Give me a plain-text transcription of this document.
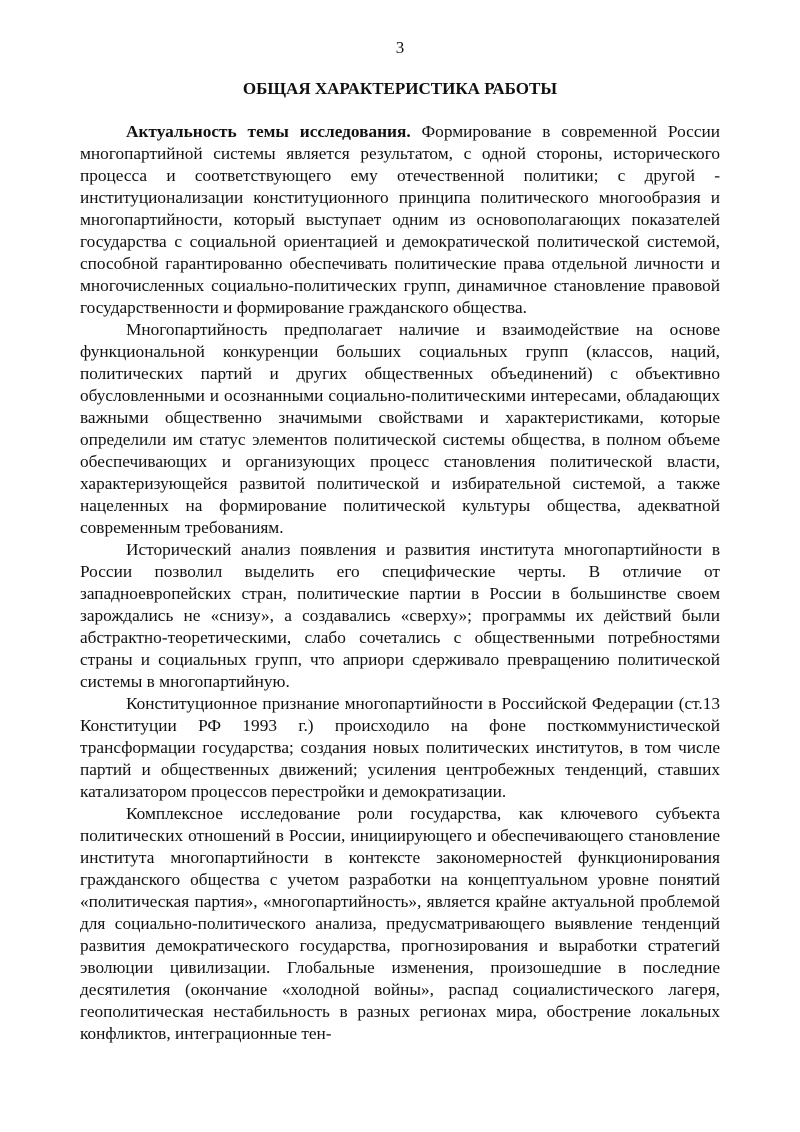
3
ОБЩАЯ ХАРАКТЕРИСТИКА РАБОТЫ

Актуальность темы исследования. Формирование в современной России многопартийной системы является результатом, с одной стороны, исторического процесса и соответствующего ему отечественной политики; с другой - институционализации конституционного принципа политического многообразия и многопартийности, который выступает одним из основополагающих показателей государства с социальной ориентацией и демократической политической системой, способной гарантированно обеспечивать политические права отдельной личности и многочисленных социально-политических групп, динамичное становление правовой государственности и формирование гражданского общества.

Многопартийность предполагает наличие и взаимодействие на основе функциональной конкуренции больших социальных групп (классов, наций, политических партий и других общественных объединений) с объективно обусловленными и осознанными социально-политическими интересами, обладающих важными общественно значимыми свойствами и характеристиками, которые определили им статус элементов политической системы общества, в полном объеме обеспечивающих и организующих процесс становления политической власти, характеризующейся развитой политической и избирательной системой, а также нацеленных на формирование политической культуры общества, адекватной современным требованиям.

Исторический анализ появления и развития института многопартийности в России позволил выделить его специфические черты. В отличие от западноевропейских стран, политические партии в России в большинстве своем зарождались не «снизу», а создавались «сверху»; программы их действий были абстрактно-теоретическими, слабо сочетались с общественными потребностями страны и социальных групп, что априори сдерживало превращению политической системы в многопартийную.

Конституционное признание многопартийности в Российской Федерации (ст.13 Конституции РФ 1993 г.) происходило на фоне посткоммунистической трансформации государства; создания новых политических институтов, в том числе партий и общественных движений; усиления центробежных тенденций, ставших катализатором процессов перестройки и демократизации.

Комплексное исследование роли государства, как ключевого субъекта политических отношений в России, инициирующего и обеспечивающего становление института многопартийности в контексте закономерностей функционирования гражданского общества с учетом разработки на концептуальном уровне понятий «политическая партия», «многопартийность», является крайне актуальной проблемой для социально-политического анализа, предусматривающего выявление тенденций развития демократического государства, прогнозирования и выработки стратегий эволюции цивилизации. Глобальные изменения, произошедшие в последние десятилетия (окончание «холодной войны», распад социалистического лагеря, геополитическая нестабильность в разных регионах мира, обострение локальных конфликтов, интеграционные тен-
